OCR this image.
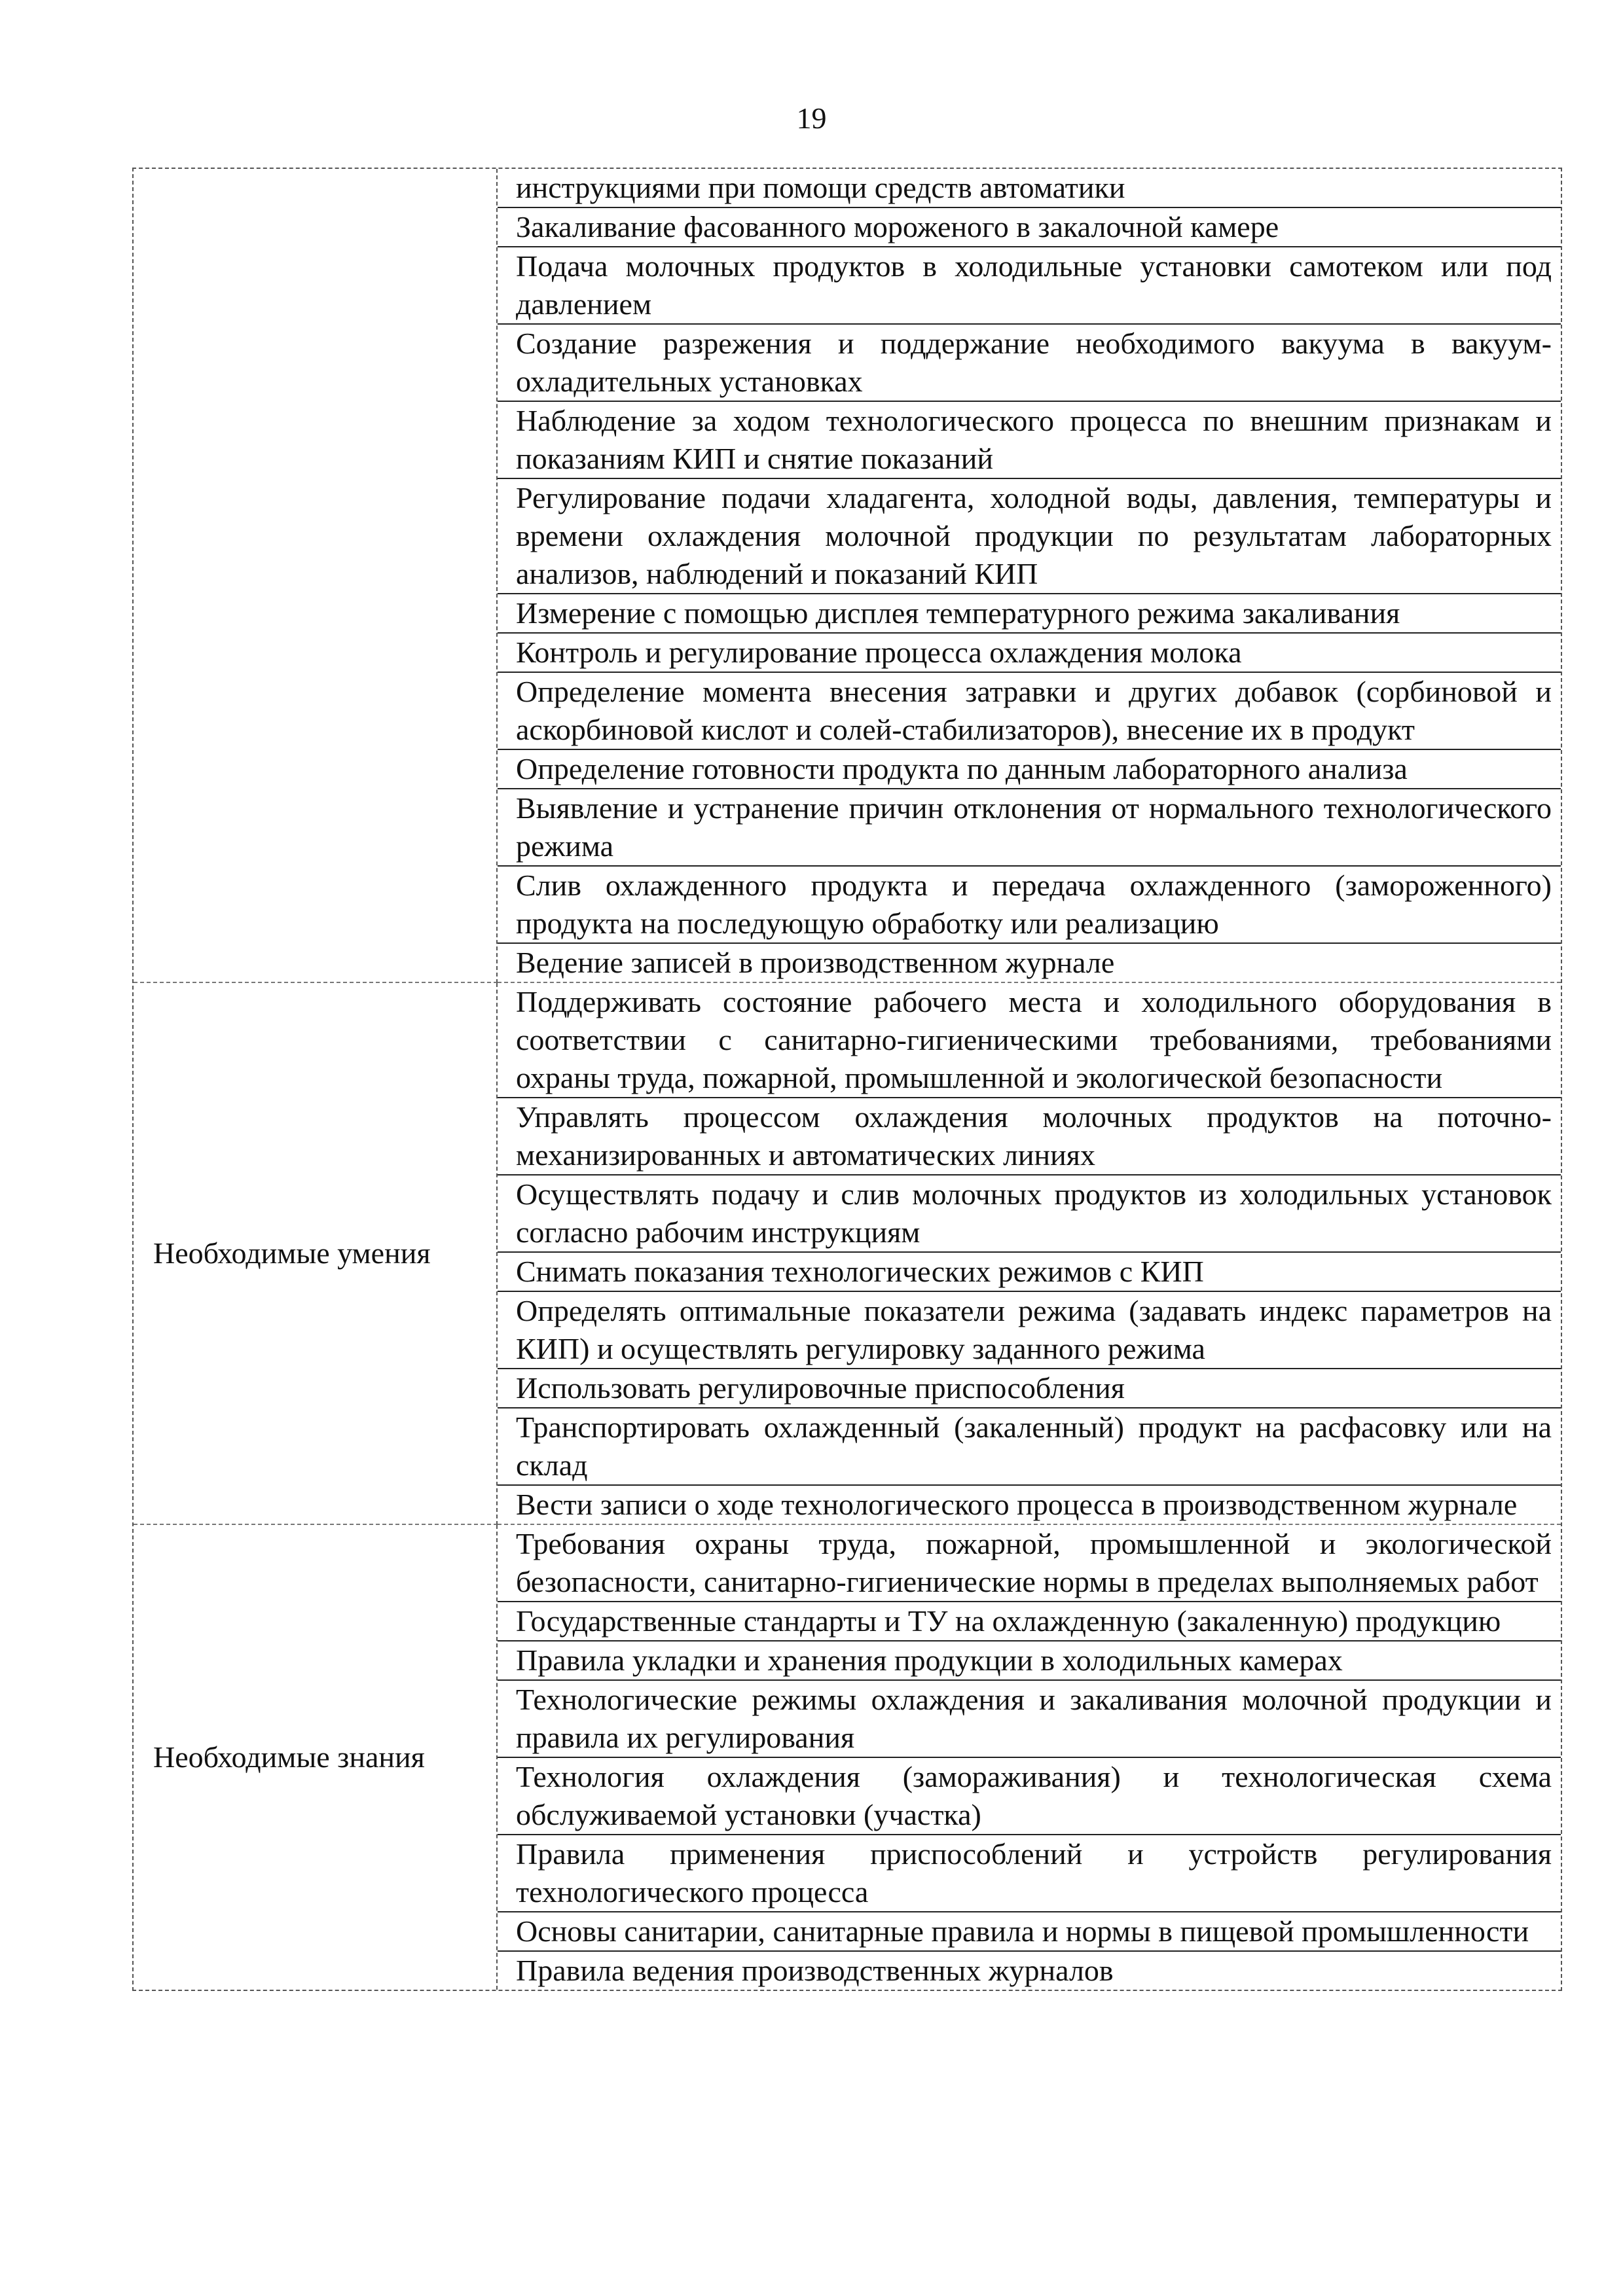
19
инструкциями при помощи средств автоматики
Закаливание фасованного мороженого в закалочной камере
Подача молочных продуктов в холодильные установки самотеком или под давлением
Создание разрежения и поддержание необходимого вакуума в вакуум-охладительных установках
Наблюдение за ходом технологического процесса по внешним признакам и показаниям КИП и снятие показаний
Регулирование подачи хладагента, холодной воды, давления, температуры и времени охлаждения молочной продукции по результатам лабораторных анализов, наблюдений и показаний КИП
Измерение с помощью дисплея температурного режима закаливания
Контроль и регулирование процесса охлаждения молока
Определение момента внесения затравки и других добавок (сорбиновой и аскорбиновой кислот и солей-стабилизаторов), внесение их в продукт
Определение готовности продукта по данным лабораторного анализа
Выявление и устранение причин отклонения от нормального технологического режима
Слив охлажденного продукта и передача охлажденного (замороженного) продукта на последующую обработку или реализацию
Ведение записей в производственном журнале
Необходимые умения
Поддерживать состояние рабочего места и холодильного оборудования в соответствии с санитарно-гигиеническими требованиями, требованиями охраны труда, пожарной, промышленной и экологической безопасности
Управлять процессом охлаждения молочных продуктов на поточно-механизированных и автоматических линиях
Осуществлять подачу и слив молочных продуктов из холодильных установок согласно рабочим инструкциям
Снимать показания технологических режимов с КИП
Определять оптимальные показатели режима (задавать индекс параметров на КИП) и осуществлять регулировку заданного режима
Использовать регулировочные приспособления
Транспортировать охлажденный (закаленный) продукт на расфасовку или на склад
Вести записи о ходе технологического процесса в производственном журнале
Необходимые знания
Требования охраны труда, пожарной, промышленной и экологической безопасности, санитарно-гигиенические нормы в пределах выполняемых работ
Государственные стандарты и ТУ на охлажденную (закаленную) продукцию
Правила укладки и хранения продукции в холодильных камерах
Технологические режимы охлаждения и закаливания молочной продукции и правила их регулирования
Технология охлаждения (замораживания) и технологическая схема обслуживаемой установки (участка)
Правила применения приспособлений и устройств регулирования технологического процесса
Основы санитарии, санитарные правила и нормы в пищевой промышленности
Правила ведения производственных журналов
